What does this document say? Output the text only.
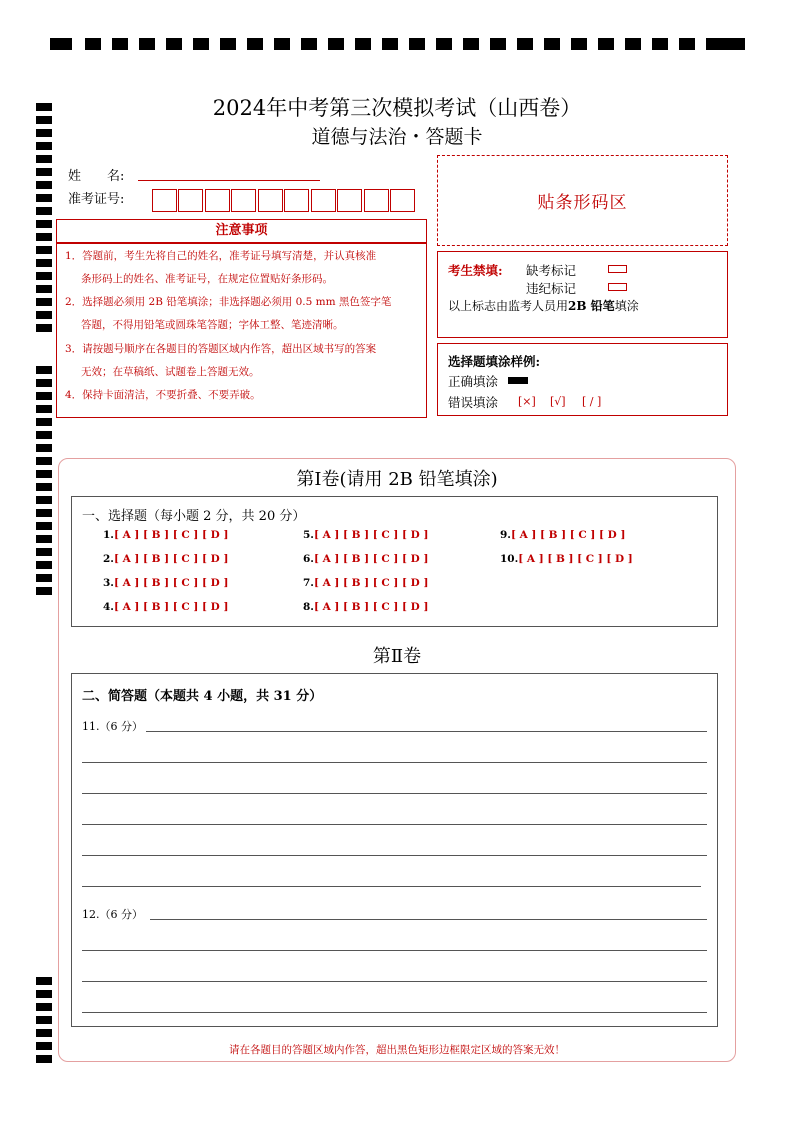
2024年中考第三次模拟考试（山西卷）
道德与法治・答题卡
姓　　名:
准考证号:	贴条形码区
注意事项
1．答题前，考生先将自己的姓名，准考证号填写清楚，并认真核准
条形码上的姓名、准考证号，在规定位置贴好条形码。
2．选择题必须用 2B 铅笔填涂；非选择题必须用 0.5 mm 黑色签字笔
答题，不得用铅笔或圆珠笔答题；字体工整、笔迹清晰。
3．请按题号顺序在各题目的答题区域内作答，超出区域书写的答案
无效；在草稿纸、试题卷上答题无效。
4．保持卡面清洁，不要折叠、不要弄破。
考生禁填: 缺考标记
违纪标记
以上标志由监考人员用2B 铅笔填涂
选择题填涂样例:
正确填涂
错误填涂 [×] [√] [ / ]
第Ⅰ卷(请用 2B 铅笔填涂)
一、选择题（每小题 2 分，共 20 分）
1.[ A ] [ B ] [ C ] [ D ]
2.[ A ] [ B ] [ C ] [ D ]
3.[ A ] [ B ] [ C ] [ D ]
4.[ A ] [ B ] [ C ] [ D ]
5.[ A ] [ B ] [ C ] [ D ]
6.[ A ] [ B ] [ C ] [ D ]
7.[ A ] [ B ] [ C ] [ D ]
8.[ A ] [ B ] [ C ] [ D ]
9.[ A ] [ B ] [ C ] [ D ]
10.[ A ] [ B ] [ C ] [ D ]
第Ⅱ卷
二、简答题（本题共 4 小题，共 31 分）
11.（6 分）
12.（6 分）
请在各题目的答题区域内作答，超出黑色矩形边框限定区域的答案无效！
